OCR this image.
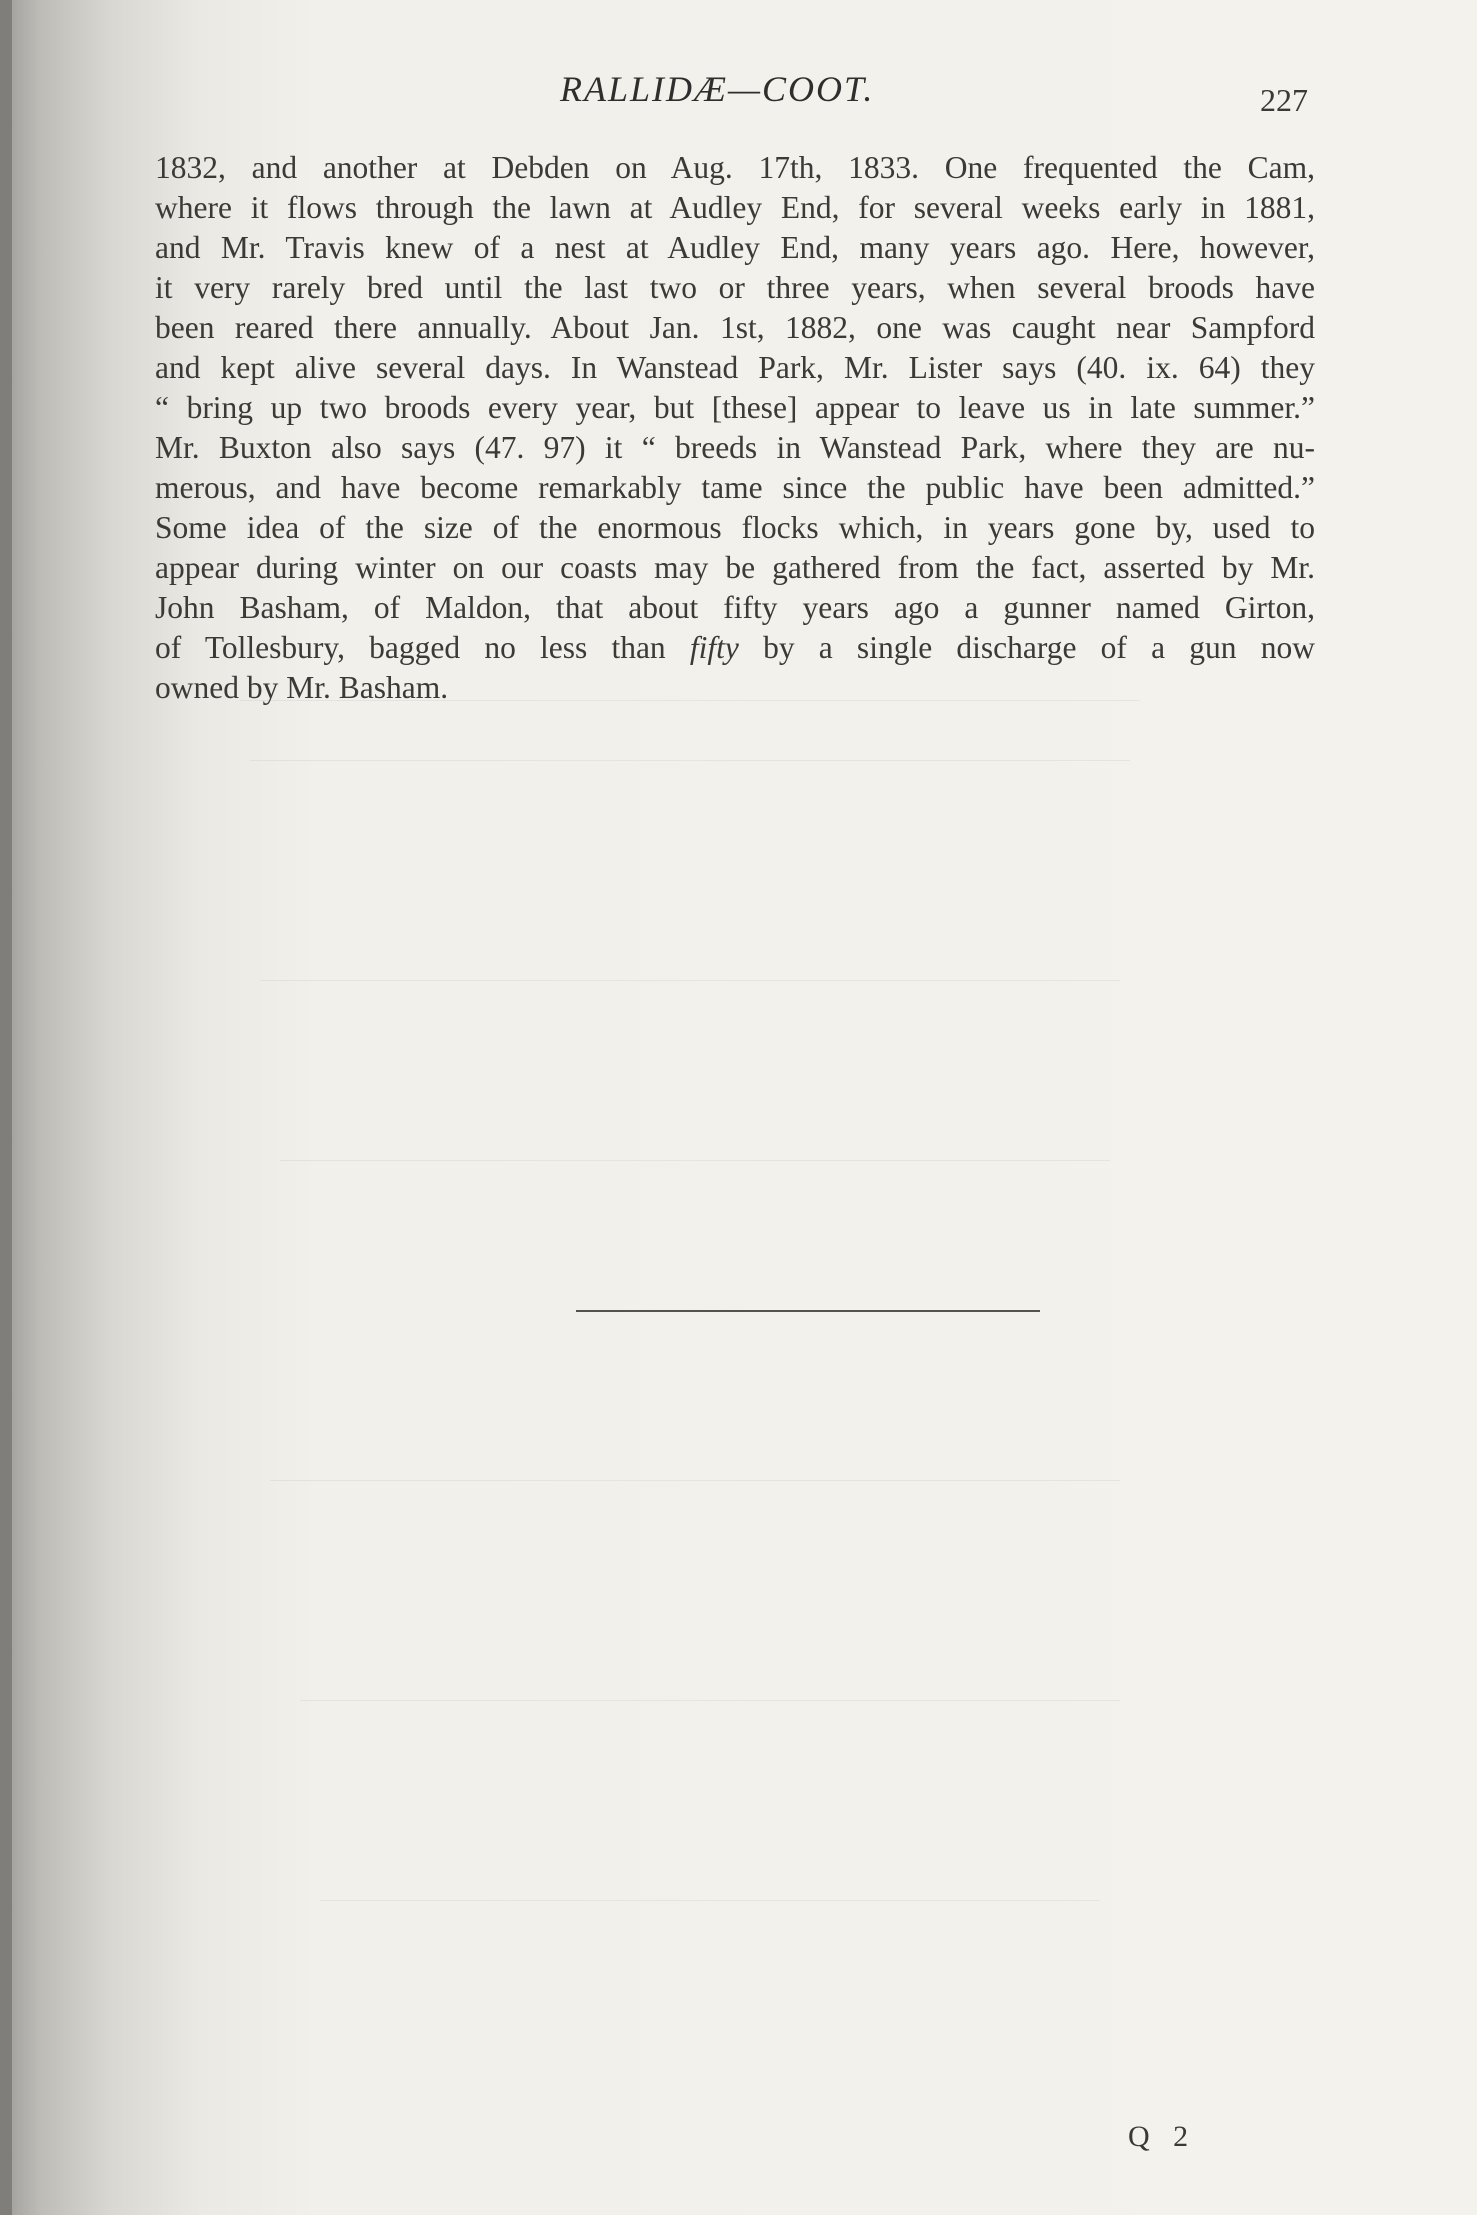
RALLIDÆ—COOT.	227
1832, and another at Debden on Aug. 17th, 1833. One frequented the Cam,
where it flows through the lawn at Audley End, for several weeks early in 1881,
and Mr. Travis knew of a nest at Audley End, many years ago. Here, however,
it very rarely bred until the last two or three years, when several broods have
been reared there annually. About Jan. 1st, 1882, one was caught near Sampford
and kept alive several days. In Wanstead Park, Mr. Lister says (40. ix. 64) they
“ bring up two broods every year, but [these] appear to leave us in late summer.”
Mr. Buxton also says (47. 97) it “ breeds in Wanstead Park, where they are nu-
merous, and have become remarkably tame since the public have been admitted.”
Some idea of the size of the enormous flocks which, in years gone by, used to
appear during winter on our coasts may be gathered from the fact, asserted by Mr.
John Basham, of Maldon, that about fifty years ago a gunner named Girton,
of Tollesbury, bagged no less than fifty by a single discharge of a gun now
owned by Mr. Basham.
Q 2
